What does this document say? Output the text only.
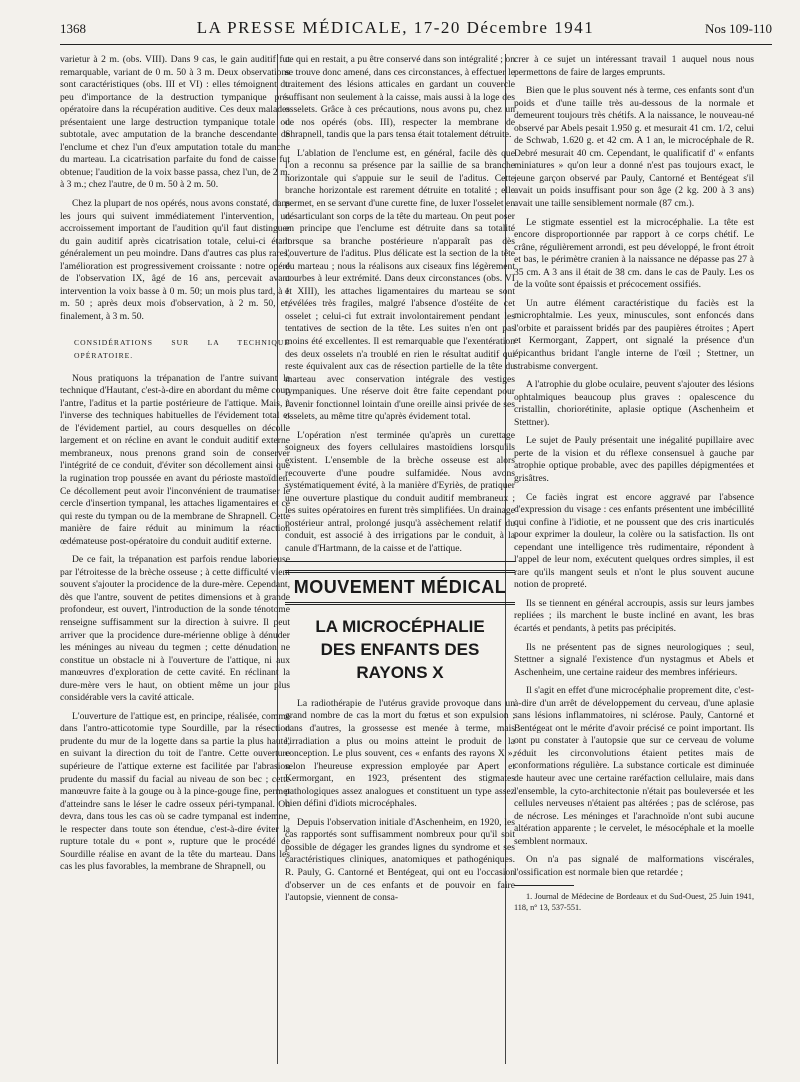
1368	LA PRESSE MÉDICALE, 17-20 Décembre 1941	Nos 109-110

varietur à 2 m. (obs. VIII). Dans 9 cas, le gain auditif fut remarquable, variant de 0 m. 50 à 3 m. Deux observations sont caractéristiques (obs. III et VI) : elles témoignent du peu d'importance de la destruction tympanique pré-opératoire dans la récupération auditive. Ces deux malades présentaient une large destruction tympanique totale ou subtotale, avec amputation de la branche descendante de l'enclume et chez l'un d'eux amputation totale du manche du marteau. La cicatrisation parfaite du fond de caisse fut obtenue; l'audition de la voix basse passa, chez l'un, de 2 m. à 3 m.; chez l'autre, de 0 m. 50 à 2 m. 50.

Chez la plupart de nos opérés, nous avons constaté, dans les jours qui suivent immédiatement l'intervention, un accroissement important de l'audition qu'il faut distinguer du gain auditif après cicatrisation totale, celui-ci étant généralement un peu moindre. Dans d'autres cas plus rares, l'amélioration est progressivement croissante : notre opéré de l'observation IX, âgé de 16 ans, percevait avant intervention la voix basse à 0 m. 50; un mois plus tard, à 1 m. 50 ; après deux mois d'observation, à 2 m. 50, et, finalement, à 3 m. 50.

CONSIDÉRATIONS SUR LA TECHNIQUE OPÉRATOIRE.

Nous pratiquons la trépanation de l'antre suivant la technique d'Hautant, c'est-à-dire en abordant du même coup l'antre, l'aditus et la partie postérieure de l'attique. Mais, à l'inverse des techniques habituelles de l'évidement total et de l'évidement partiel, au cours desquelles on décolle largement et on récline en avant le conduit auditif externe membraneux, nous prenons grand soin de conserver l'intégrité de ce conduit, d'éviter son décollement ainsi que la rugination trop poussée en avant du périoste mastoïdien. Ce décollement peut avoir l'inconvénient de traumatiser le cercle d'insertion tympanal, les attaches ligamentaires et ce qui reste du tympan ou de la membrane de Shrapnell. Cette manière de faire réduit au minimum la réaction œdémateuse post-opératoire du conduit auditif externe.

De ce fait, la trépanation est parfois rendue laborieuse par l'étroitesse de la brèche osseuse ; à cette difficulté vient souvent s'ajouter la procidence de la dure-mère. Cependant, dès que l'antre, souvent de petites dimensions et à grande profondeur, est ouvert, l'introduction de la sonde ténotome renseigne suffisamment sur la direction à suivre. Il peut arriver que la procidence dure-mérienne oblige à dénuder les méninges au niveau du tegmen ; cette dénudation ne constitue un obstacle ni à l'ouverture de l'attique, ni aux manœuvres d'exploration de cette cavité. En réclinant la dure-mère vers le haut, on obtient même un jour plus considérable vers la cavité atticale.

L'ouverture de l'attique est, en principe, réalisée, comme dans l'antro-atticotomie type Sourdille, par la résection prudente du mur de la logette dans sa partie la plus haute, en suivant la direction du toit de l'antre. Cette ouverture supérieure de l'attique externe est facilitée par l'abrasion prudente du massif du facial au niveau de son bec ; cette manœuvre faite à la gouge ou à la pince-gouge fine, permet d'atteindre sans le léser le cadre osseux péri-tympanal. On devra, dans tous les cas où se cadre tympanal est indemne, le respecter dans toute son étendue, c'est-à-dire éviter la rupture totale du « pont », rupture que le procédé de Sourdille réalise en avant de la tête du marteau. Dans les cas les plus favorables, la membrane de Shrapnell, ou

ce qui en restait, a pu être conservé dans son intégralité ; on se trouve donc amené, dans ces circonstances, à effectuer le traitement des lésions atticales en gardant un couvercle suffisant non seulement à la caisse, mais aussi à la loge des osselets. Grâce à ces précautions, nous avons pu, chez un de nos opérés (obs. III), respecter la membrane de Shrapnell, tandis que la pars tensa était totalement détruite.

L'ablation de l'enclume est, en général, facile dès que l'on a reconnu sa présence par la saillie de sa branche horizontale qui s'appuie sur le seuil de l'aditus. Cette branche horizontale est rarement détruite en totalité ; elle permet, en se servant d'une curette fine, de luxer l'osselet en désarticulant son corps de la tête du marteau. On peut poser en principe que l'enclume est détruite dans sa totalité lorsque sa branche postérieure n'apparaît pas dès l'ouverture de l'aditus. Plus délicate est la section de la tête du marteau ; nous la réalisons aux ciseaux fins légèrement courbes à leur extrémité. Dans deux circonstances (obs. VI et XIII), les attaches ligamentaires du marteau se sont révélées très fragiles, malgré l'absence d'ostéite de cet osselet ; celui-ci fut extrait involontairement pendant les tentatives de section de la tête. Les suites n'en ont pas moins été excellentes. Il est remarquable que l'exentération des deux osselets n'a troublé en rien le résultat auditif qui reste équivalent aux cas de résection partielle de la tête du marteau avec conservation intégrale des vestiges tympaniques. Une réserve doit être faite cependant pour l'avenir fonctionnel lointain d'une oreille ainsi privée de ses osselets, au même titre qu'après évidement total.

L'opération n'est terminée qu'après un curettage soigneux des foyers cellulaires mastoïdiens lorsqu'ils existent. L'ensemble de la brèche osseuse est alors recouverte d'une poudre sulfamidée. Nous avons systématiquement évité, à la manière d'Eyriès, de pratiquer une ouverture plastique du conduit auditif membraneux ; les suites opératoires en furent très simplifiées. Un drainage postérieur antral, prolongé jusqu'à assèchement relatif du conduit, est associé à des irrigations par le conduit, à la canule d'Hartmann, de la caisse et de l'attique.

MOUVEMENT MÉDICAL
LA MICROCÉPHALIE
DES ENFANTS DES RAYONS X

La radiothérapie de l'utérus gravide provoque dans un grand nombre de cas la mort du fœtus et son expulsion ; dans d'autres, la grossesse est menée à terme, mais l'irradiation a plus ou moins atteint le produit de la conception. Le plus souvent, ces « enfants des rayons X », selon l'heureuse expression employée par Apert et Kermorgant, en 1923, présentent des stigmates pathologiques assez analogues et constituent un type assez bien défini d'idiots microcéphales.

Depuis l'observation initiale d'Aschenheim, en 1920, les cas rapportés sont suffisamment nombreux pour qu'il soit possible de dégager les grandes lignes du syndrome et ses caractéristiques cliniques, anatomiques et pathogéniques. R. Pauly, G. Cantorné et Bentégeat, qui ont eu l'occasion d'observer un de ces enfants et de pouvoir en faire l'autopsie, viennent de consa-

crer à ce sujet un intéressant travail 1 auquel nous nous permettons de faire de larges emprunts.

Bien que le plus souvent nés à terme, ces enfants sont d'un poids et d'une taille très au-dessous de la normale et demeurent toujours très chétifs. A la naissance, le nouveau-né observé par Abels pesait 1.950 g. et mesurait 41 cm. 1/2, celui de Schwab, 1.620 g. et 42 cm. A 1 an, le microcéphale de R. Debré mesurait 40 cm. Cependant, le qualificatif d' « enfants miniatures » qu'on leur a donné n'est pas toujours exact, le jeune garçon observé par Pauly, Cantorné et Bentégeat s'il avait un poids insuffisant pour son âge (2 kg. 200 à 3 ans) avait une taille sensiblement normale (87 cm.).

Le stigmate essentiel est la microcéphalie. La tête est encore disproportionnée par rapport à ce corps chétif. Le crâne, régulièrement arrondi, est peu développé, le front étroit et bas, le périmètre cranien à la naissance ne dépasse pas 27 à 35 cm. A 3 ans il était de 38 cm. dans le cas de Pauly. Les os de la voûte sont épaissis et précocement ossifiés.

Un autre élément caractéristique du faciès est la microphtalmie. Les yeux, minuscules, sont enfoncés dans l'orbite et paraissent bridés par des paupières étroites ; Apert et Kermorgant, Zappert, ont signalé la présence d'un épicanthus bridant l'angle interne de l'œil ; Stettner, un strabisme convergent.

A l'atrophie du globe oculaire, peuvent s'ajouter des lésions ophtalmiques beaucoup plus graves : opalescence du cristallin, choriorétinite, aplasie optique (Aschenheim et Stettner).

Le sujet de Pauly présentait une inégalité pupillaire avec perte de la vision et du réflexe consensuel à gauche par atrophie optique probable, avec des papilles dépigmentées et grisâtres.

Ce faciès ingrat est encore aggravé par l'absence d'expression du visage : ces enfants présentent une imbécillité qui confine à l'idiotie, et ne poussent que des cris inarticulés pour exprimer la douleur, la colère ou la satisfaction. Ils ont cependant une intelligence très rudimentaire, répondent à l'appel de leur nom, exécutent quelques ordres simples, il est rare qu'ils mangent seuls et n'ont le plus souvent aucune notion de propreté.

Ils se tiennent en général accroupis, assis sur leurs jambes repliées ; ils marchent le buste incliné en avant, les bras écartés et pendants, à petits pas précipités.

Ils ne présentent pas de signes neurologiques ; seul, Stettner a signalé l'existence d'un nystagmus et Abels et Aschenheim, une certaine raideur des membres inférieurs.

Il s'agit en effet d'une microcéphalie proprement dite, c'est-à-dire d'un arrêt de développement du cerveau, d'une aplasie sans lésions inflammatoires, ni sclérose. Pauly, Cantorné et Bentégeat ont le mérite d'avoir précisé ce point important. Ils ont pu constater à l'autopsie que sur ce cerveau de volume réduit les circonvolutions étaient petites mais de conformations régulière. La substance corticale est diminuée de hauteur avec une certaine raréfaction cellulaire, mais dans l'ensemble, la cyto-architectonie n'était pas bouleversée et les cellules nerveuses n'étaient pas altérées ; pas de sclérose, pas de nécrose. Les méninges et l'arachnoïde n'ont subi aucune altération apparente ; le cervelet, le mésocéphale et la moelle semblent normaux.

On n'a pas signalé de malformations viscérales, l'ossification est normale bien que retardée ;

1. Journal de Médecine de Bordeaux et du Sud-Ouest, 25 Juin 1941, 118, n° 13, 537-551.
